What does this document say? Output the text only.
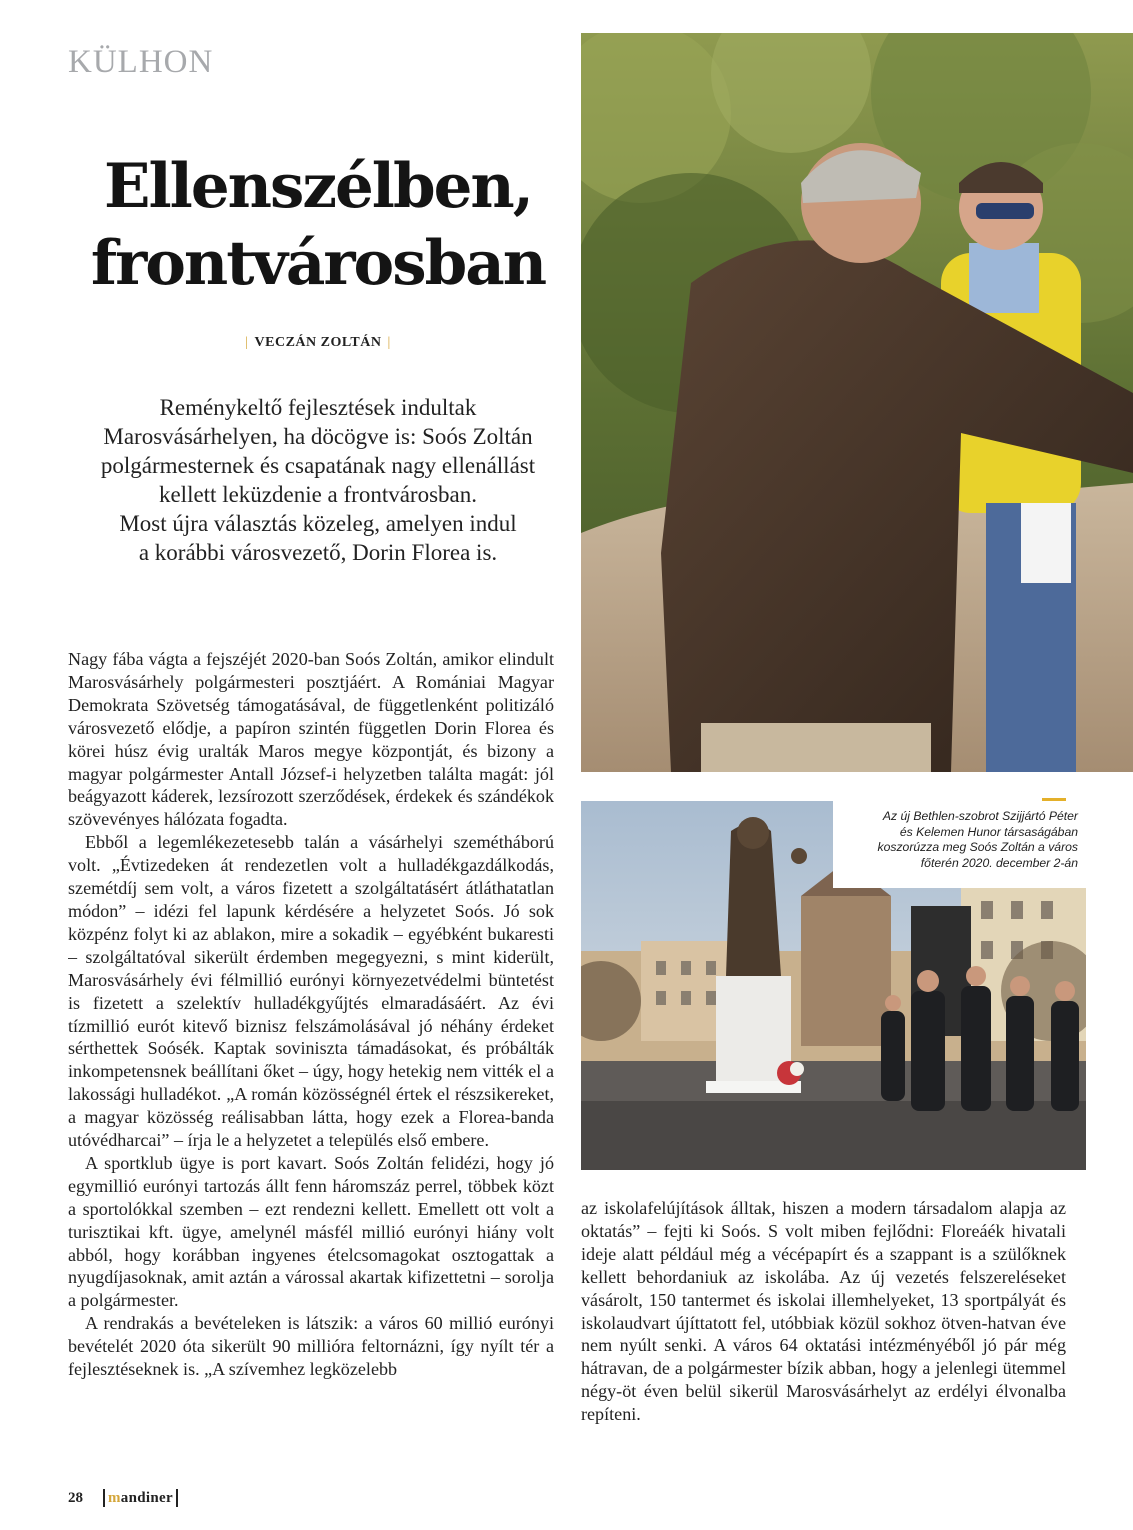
KÜLHON
Ellenszélben,
frontvárosban
| VECZÁN ZOLTÁN |

Reménykeltő fejlesztések indultak
Marosvásárhelyen, ha döcögve is: Soós Zoltán
polgármesternek és csapatának nagy ellenállást
kellett leküzdenie a frontvárosban.
Most újra választás közeleg, amelyen indul
a korábbi városvezető, Dorin Florea is.

Nagy fába vágta a fejszéjét 2020-ban Soós Zoltán, amikor elindult Marosvásárhely polgármesteri posztjáért. A Romániai Magyar Demokrata Szövetség támogatásával, de függetlenként politizáló városvezető elődje, a papíron szintén független Dorin Florea és körei húsz évig uralták Maros megye központját, és bizony a magyar polgármester Antall József-i helyzetben találta magát: jól beágyazott káderek, lezsírozott szerződések, érdekek és szándékok szövevényes hálózata fogadta.

Ebből a legemlékezetesebb talán a vásárhelyi szemétháború volt. „Évtizedeken át rendezetlen volt a hulladékgazdálkodás, szemétdíj sem volt, a város fizetett a szolgáltatásért átláthatatlan módon” – idézi fel lapunk kérdésére a helyzetet Soós. Jó sok közpénz folyt ki az ablakon, mire a sokadik – egyébként bukaresti – szolgáltatóval sikerült érdemben megegyezni, s mint kiderült, Marosvásárhely évi félmillió eurónyi környezetvédelmi büntetést is fizetett a szelektív hulladékgyűjtés elmaradásáért. Az évi tízmillió eurót kitevő biznisz felszámolásával jó néhány érdeket sérthettek Soósék. Kaptak soviniszta támadásokat, és próbálták inkompetensnek beállítani őket – úgy, hogy hetekig nem vitték el a lakossági hulladékot. „A román közösségnél értek el részsikereket, a magyar közösség reálisabban látta, hogy ezek a Florea-banda utóvédharcai” – írja le a helyzetet a település első embere.

A sportklub ügye is port kavart. Soós Zoltán felidézi, hogy jó egymillió eurónyi tartozás állt fenn háromszáz perrel, többek közt a sportolókkal szemben – ezt rendezni kellett. Emellett ott volt a turisztikai kft. ügye, amelynél másfél millió eurónyi hiány volt abból, hogy korábban ingyenes ételcsomagokat osztogattak a nyugdíjasoknak, amit aztán a várossal akartak kifizettetni – sorolja a polgármester.

A rendrakás a bevételeken is látszik: a város 60 millió eurónyi bevételét 2020 óta sikerült 90 millióra feltornázni, így nyílt tér a fejlesztéseknek is. „A szívemhez legközelebb

Az új Bethlen-szobrot Szijjártó Péter
és Kelemen Hunor társaságában
koszorúzza meg Soós Zoltán a város
főterén 2020. december 2-án

az iskolafelújítások álltak, hiszen a modern társadalom alapja az oktatás” – fejti ki Soós. S volt miben fejlődni: Floreáék hivatali ideje alatt például még a vécépapírt és a szappant is a szülőknek kellett behordaniuk az iskolába. Az új vezetés felszereléseket vásárolt, 150 tantermet és iskolai illemhelyeket, 13 sportpályát és iskolaudvart újíttatott fel, utóbbiak közül sokhoz ötven-hatvan éve nem nyúlt senki. A város 64 oktatási intézményéből jó pár még hátravan, de a polgármester bízik abban, hogy a jelenlegi ütemmel négy-öt éven belül sikerül Marosvásárhelyt az erdélyi élvonalba repíteni.

28 mandiner
